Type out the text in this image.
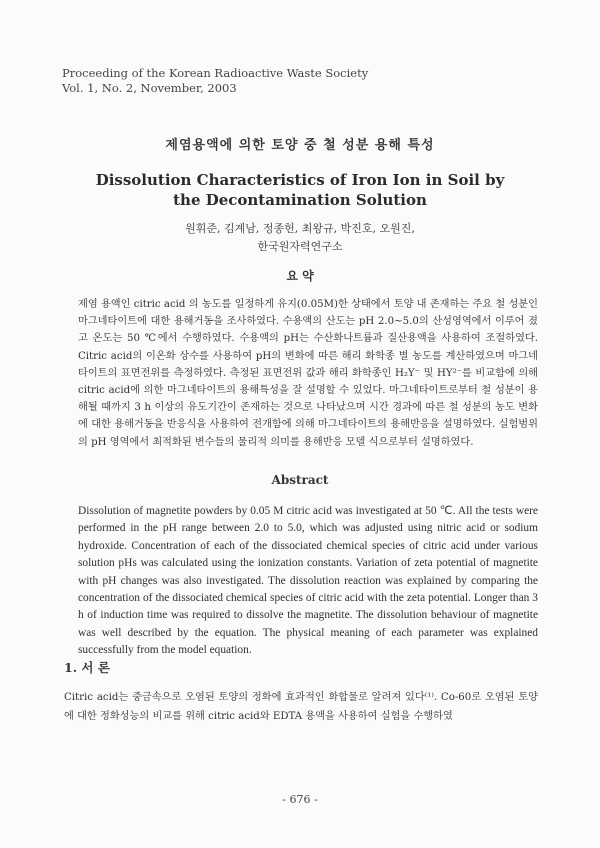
Proceeding of the Korean Radioactive Waste Society
Vol. 1, No. 2, November, 2003
제염용액에 의한 토양 중 철 성분 용해 특성
Dissolution Characteristics of Iron Ion in Soil by
the Decontamination Solution
원휘준, 김계남, 정종헌, 최왕규, 박진호, 오원진,
한국원자력연구소
요 약
제염 용액인 citric acid 의 농도를 일정하게 유지(0.05M)한 상태에서 토양 내 존재하는 주요 철 성분인 마그네타이트에 대한 용해거동을 조사하였다. 수용액의 산도는 pH 2.0~5.0의 산성영역에서 이루어 졌고 온도는 50 ℃에서 수행하였다. 수용액의 pH는 수산화나트륨과 질산용액을 사용하여 조절하였다. Citric acid의 이온화 상수를 사용하여 pH의 변화에 따른 해리 화학종 별 농도를 계산하였으며 마그네타이트의 표면전위를 측정하였다. 측정된 표면전위 값과 해리 화학종인 H₂Y⁻ 및 HY²⁻를 비교함에 의해 citric acid에 의한 마그네타이트의 용해특성을 잘 설명할 수 있었다. 마그네타이트로부터 철 성분이 용해될 때까지 3 h 이상의 유도기간이 존재하는 것으로 나타났으며 시간 경과에 따른 철 성분의 농도 변화에 대한 용해거동을 반응식을 사용하여 전개함에 의해 마그네타이트의 용해반응을 설명하였다. 실험범위의 pH 영역에서 최적화된 변수들의 물리적 의미를 용해반응 모델 식으로부터 설명하였다.
Abstract
Dissolution of magnetite powders by 0.05 M citric acid was investigated at 50 ℃. All the tests were performed in the pH range between 2.0 to 5.0, which was adjusted using nitric acid or sodium hydroxide. Concentration of each of the dissociated chemical species of citric acid under various solution pHs was calculated using the ionization constants. Variation of zeta potential of magnetite with pH changes was also investigated. The dissolution reaction was explained by comparing the concentration of the dissociated chemical species of citric acid with the zeta potential. Longer than 3 h of induction time was required to dissolve the magnetite. The dissolution behaviour of magnetite was well described by the equation. The physical meaning of each parameter was explained successfully from the model equation.
1. 서 론
Citric acid는 중금속으로 오염된 토양의 정화에 효과적인 화합물로 알려져 있다⁽¹⁾. Co-60로 오염된 토양에 대한 정화성능의 비교를 위해 citric acid와 EDTA 용액을 사용하여 실험을 수행하였
- 676 -
